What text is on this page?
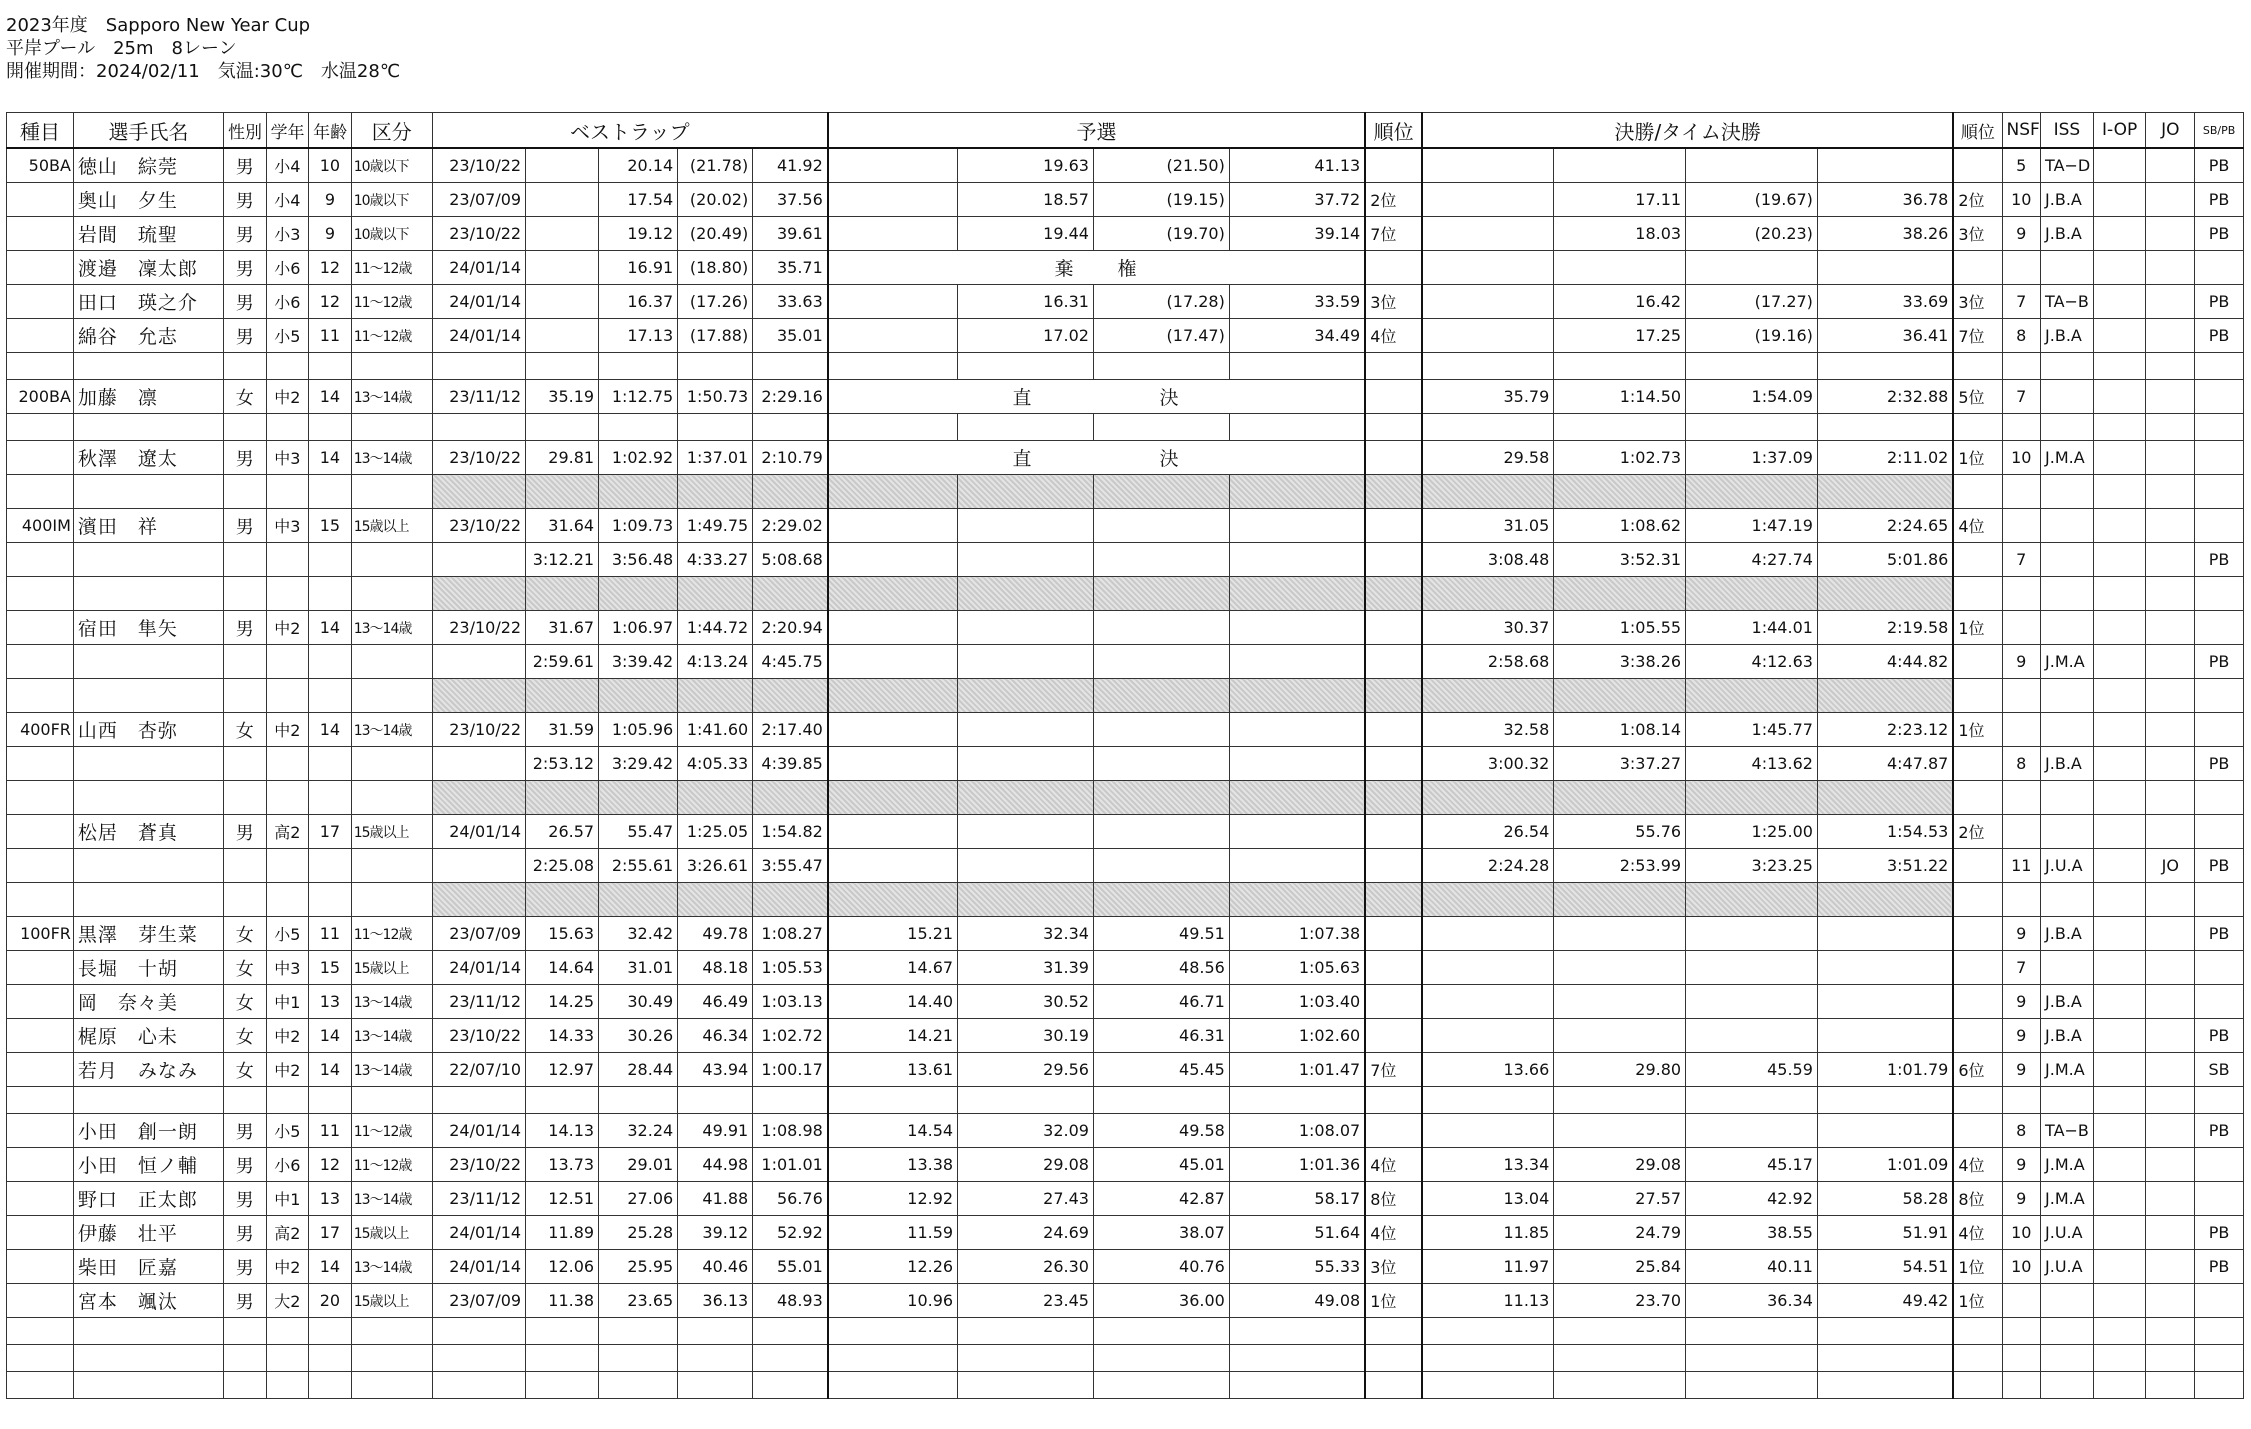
2023年度　Sapporo New Year Cup
平岸プール　25m　8レーン
開催期間：2024/02/11　気温:30℃　水温28℃
種目	選手氏名	性別	学年	年齢	区分	ベストラップ					予選				順位	決勝/タイム決勝				順位	NSF	ISS	I-OP	JO	SB/PB
50BA	徳山　綜莞	男	小4	10	10歳以下	23/10/22		20.14	(21.78)	41.92		19.63	(21.50)	41.13							5	TA−D			PB
	奥山　夕生	男	小4	9	10歳以下	23/07/09		17.54	(20.02)	37.56		18.57	(19.15)	37.72	2位		17.11	(19.67)	36.78	2位	10	J.B.A			PB
	岩間　琉聖	男	小3	9	10歳以下	23/10/22		19.12	(20.49)	39.61		19.44	(19.70)	39.14	7位		18.03	(20.23)	38.26	3位	9	J.B.A			PB
	渡邉　凜太郎	男	小6	12	11〜12歳	24/01/14		16.91	(18.80)	35.71	棄　　権														
	田口　瑛之介	男	小6	12	11〜12歳	24/01/14		16.37	(17.26)	33.63		16.31	(17.28)	33.59	3位		16.42	(17.27)	33.69	3位	7	TA−B			PB
	綿谷　允志	男	小5	11	11〜12歳	24/01/14		17.13	(17.88)	35.01		17.02	(17.47)	34.49	4位		17.25	(19.16)	36.41	7位	8	J.B.A			PB

200BA	加藤　凛	女	中2	14	13〜14歳	23/11/12	35.19	1:12.75	1:50.73	2:29.16	直　　　　　　決					35.79	1:14.50	1:54.09	2:32.88	5位	7				

	秋澤　遼太	男	中3	14	13〜14歳	23/10/22	29.81	1:02.92	1:37.01	2:10.79	直　　　　　　決					29.58	1:02.73	1:37.09	2:11.02	1位	10	J.M.A			

400IM	濱田　祥	男	中3	15	15歳以上	23/10/22	31.64	1:09.73	1:49.75	2:29.02						31.05	1:08.62	1:47.19	2:24.65	4位					
							3:12.21	3:56.48	4:33.27	5:08.68						3:08.48	3:52.31	4:27.74	5:01.86		7				PB

	宿田　隼矢	男	中2	14	13〜14歳	23/10/22	31.67	1:06.97	1:44.72	2:20.94						30.37	1:05.55	1:44.01	2:19.58	1位					
							2:59.61	3:39.42	4:13.24	4:45.75						2:58.68	3:38.26	4:12.63	4:44.82		9	J.M.A			PB

400FR	山西　杏弥	女	中2	14	13〜14歳	23/10/22	31.59	1:05.96	1:41.60	2:17.40						32.58	1:08.14	1:45.77	2:23.12	1位					
							2:53.12	3:29.42	4:05.33	4:39.85						3:00.32	3:37.27	4:13.62	4:47.87		8	J.B.A			PB

	松居　蒼真	男	高2	17	15歳以上	24/01/14	26.57	55.47	1:25.05	1:54.82						26.54	55.76	1:25.00	1:54.53	2位					
							2:25.08	2:55.61	3:26.61	3:55.47						2:24.28	2:53.99	3:23.25	3:51.22		11	J.U.A		JO	PB

100FR	黒澤　芽生菜	女	小5	11	11〜12歳	23/07/09	15.63	32.42	49.78	1:08.27	15.21	32.34	49.51	1:07.38							9	J.B.A			PB
	長堀　十胡	女	中3	15	15歳以上	24/01/14	14.64	31.01	48.18	1:05.53	14.67	31.39	48.56	1:05.63							7				
	岡　奈々美	女	中1	13	13〜14歳	23/11/12	14.25	30.49	46.49	1:03.13	14.40	30.52	46.71	1:03.40							9	J.B.A			
	梶原　心未	女	中2	14	13〜14歳	23/10/22	14.33	30.26	46.34	1:02.72	14.21	30.19	46.31	1:02.60							9	J.B.A			PB
	若月　みなみ	女	中2	14	13〜14歳	22/07/10	12.97	28.44	43.94	1:00.17	13.61	29.56	45.45	1:01.47	7位	13.66	29.80	45.59	1:01.79	6位	9	J.M.A			SB

	小田　創一朗	男	小5	11	11〜12歳	24/01/14	14.13	32.24	49.91	1:08.98	14.54	32.09	49.58	1:08.07							8	TA−B			PB
	小田　恒ノ輔	男	小6	12	11〜12歳	23/10/22	13.73	29.01	44.98	1:01.01	13.38	29.08	45.01	1:01.36	4位	13.34	29.08	45.17	1:01.09	4位	9	J.M.A			
	野口　正太郎	男	中1	13	13〜14歳	23/11/12	12.51	27.06	41.88	56.76	12.92	27.43	42.87	58.17	8位	13.04	27.57	42.92	58.28	8位	9	J.M.A			
	伊藤　壮平	男	高2	17	15歳以上	24/01/14	11.89	25.28	39.12	52.92	11.59	24.69	38.07	51.64	4位	11.85	24.79	38.55	51.91	4位	10	J.U.A			PB
	柴田　匠嘉	男	中2	14	13〜14歳	24/01/14	12.06	25.95	40.46	55.01	12.26	26.30	40.76	55.33	3位	11.97	25.84	40.11	54.51	1位	10	J.U.A			PB
	宮本　颯汰	男	大2	20	15歳以上	23/07/09	11.38	23.65	36.13	48.93	10.96	23.45	36.00	49.08	1位	11.13	23.70	36.34	49.42	1位					
